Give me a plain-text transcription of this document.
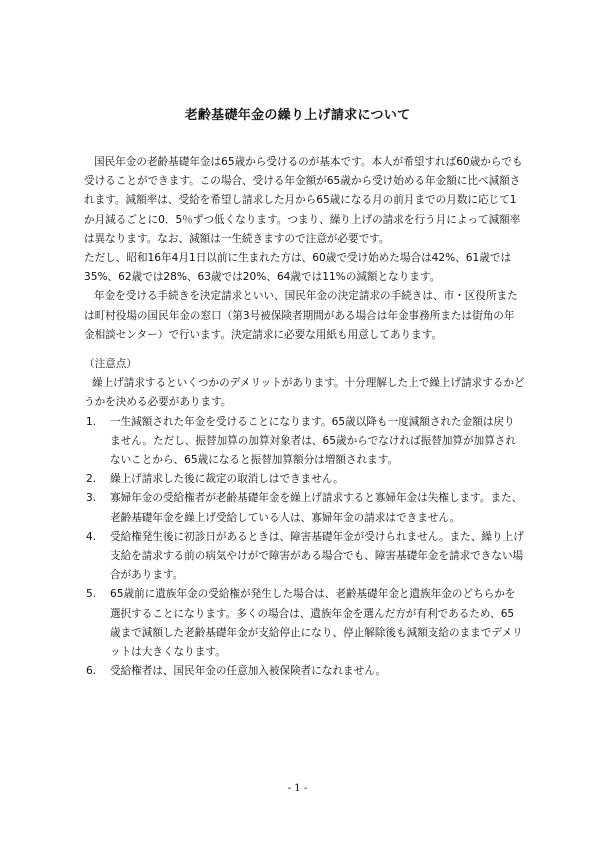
老齢基礎年金の繰り上げ請求について

国民年金の老齢基礎年金は65歳から受けるのが基本です。本人が希望すれば60歳からでも受けることができます。この場合、受ける年金額が65歳から受け始める年金額に比べ減額されます。減額率は、受給を希望し請求した月から65歳になる月の前月までの月数に応じて1か月減るごとに0．5％ずつ低くなります。つまり、繰り上げの請求を行う月によって減額率は異なります。なお、減額は一生続きますので注意が必要です。

ただし、昭和16年4月1日以前に生まれた方は、60歳で受け始めた場合は42%、61歳では35%、62歳では28%、63歳では20%、64歳では11%の減額となります。

年金を受ける手続きを決定請求といい、国民年金の決定請求の手続きは、市・区役所または町村役場の国民年金の窓口（第3号被保険者期間がある場合は年金事務所または街角の年金相談センター）で行います。決定請求に必要な用紙も用意してあります。

（注意点）

繰上げ請求するといくつかのデメリットがあります。十分理解した上で繰上げ請求するかどうかを決める必要があります。

1. 一生減額された年金を受けることになります。65歳以降も一度減額された金額は戻りません。ただし、振替加算の加算対象者は、65歳からでなければ振替加算が加算されないことから、65歳になると振替加算額分は増額されます。
2. 繰上げ請求した後に裁定の取消しはできません。
3. 寡婦年金の受給権者が老齢基礎年金を繰上げ請求すると寡婦年金は失権します。また、老齢基礎年金を繰上げ受給している人は、寡婦年金の請求はできません。
4. 受給権発生後に初診日があるときは、障害基礎年金が受けられません。また、繰り上げ支給を請求する前の病気やけがで障害がある場合でも、障害基礎年金を請求できない場合があります。
5. 65歳前に遺族年金の受給権が発生した場合は、老齢基礎年金と遺族年金のどちらかを選択することになります。多くの場合は、遺族年金を選んだ方が有利であるため、65歳まで減額した老齢基礎年金が支給停止になり、停止解除後も減額支給のままでデメリットは大きくなります。
6. 受給権者は、国民年金の任意加入被保険者になれません。
- 1 -
